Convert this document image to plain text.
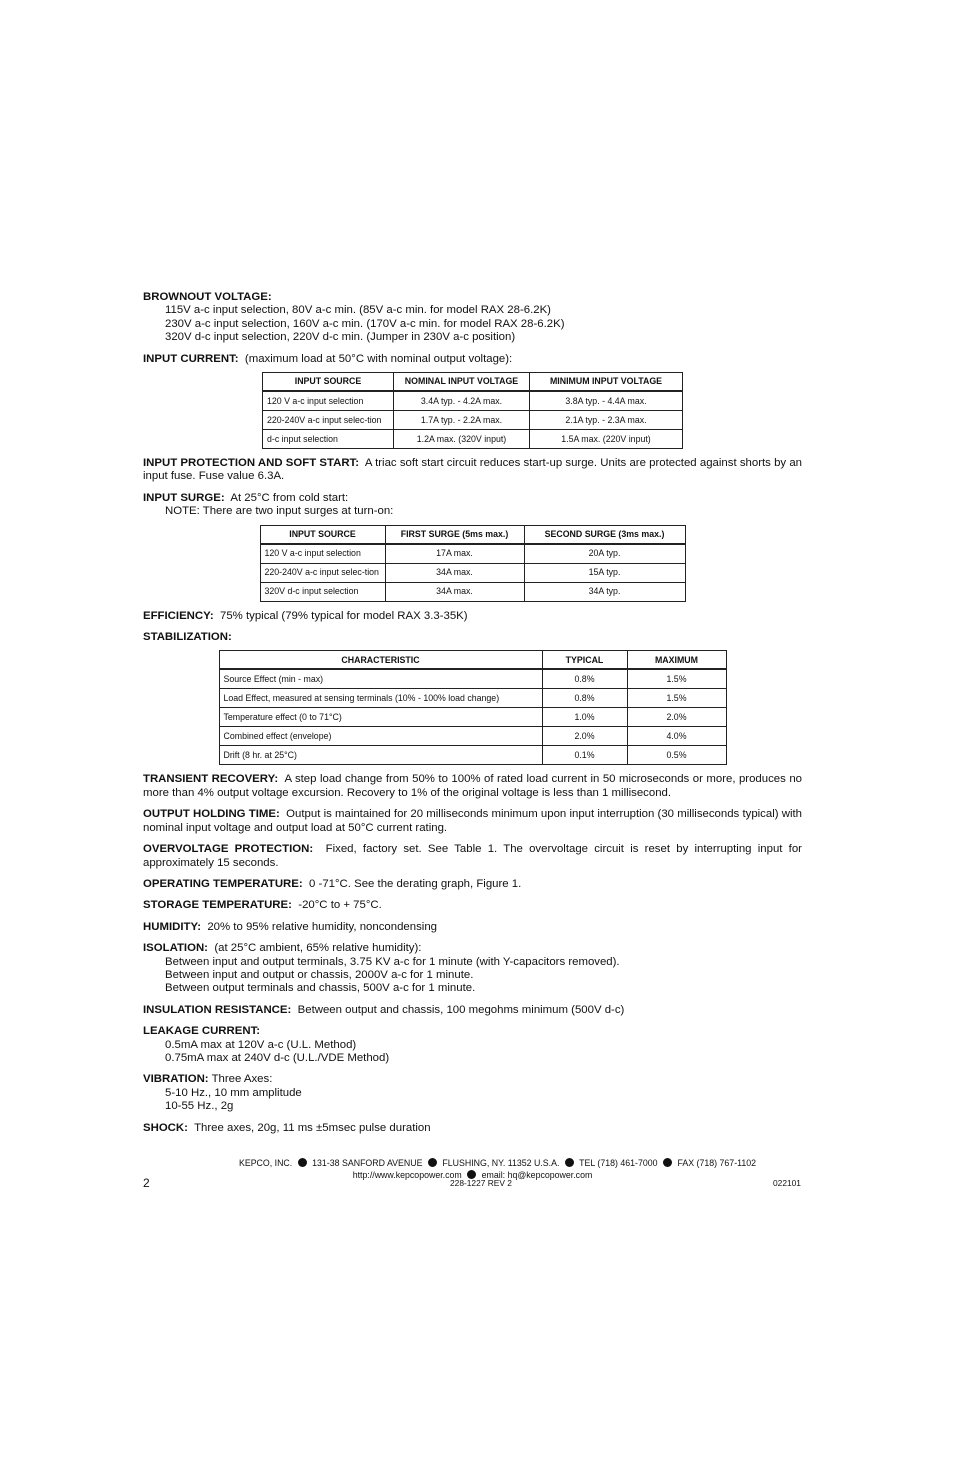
BROWNOUT VOLTAGE:
115V a-c input selection, 80V a-c min. (85V a-c min. for model RAX 28-6.2K)
230V a-c input selection, 160V a-c min. (170V a-c min. for model RAX 28-6.2K)
320V d-c input selection, 220V d-c min. (Jumper in 230V a-c position)
INPUT CURRENT: (maximum load at 50°C with nominal output voltage):
INPUT SOURCE	NOMINAL INPUT VOLTAGE	MINIMUM INPUT VOLTAGE
120 V a-c input selection	3.4A typ. - 4.2A max.	3.8A typ. - 4.4A max.
220-240V a-c input selec-tion	1.7A typ. - 2.2A max.	2.1A typ. - 2.3A max.
d-c input selection	1.2A max. (320V input)	1.5A max. (220V input)
INPUT PROTECTION AND SOFT START: A triac soft start circuit reduces start-up surge. Units are protected against shorts by an input fuse. Fuse value 6.3A.
INPUT SURGE: At 25°C from cold start:
NOTE: There are two input surges at turn-on:
INPUT SOURCE	FIRST SURGE (5ms max.)	SECOND SURGE (3ms max.)
120 V a-c input selection	17A max.	20A typ.
220-240V a-c input selec-tion	34A max.	15A typ.
320V d-c input selection	34A max.	34A typ.
EFFICIENCY: 75% typical (79% typical for model RAX 3.3-35K)
STABILIZATION:
CHARACTERISTIC	TYPICAL	MAXIMUM
Source Effect (min - max)	0.8%	1.5%
Load Effect, measured at sensing terminals (10% - 100% load change)	0.8%	1.5%
Temperature effect (0 to 71°C)	1.0%	2.0%
Combined effect (envelope)	2.0%	4.0%
Drift (8 hr. at 25°C)	0.1%	0.5%
TRANSIENT RECOVERY: A step load change from 50% to 100% of rated load current in 50 microseconds or more, produces no more than 4% output voltage excursion. Recovery to 1% of the original voltage is less than 1 millisecond.
OUTPUT HOLDING TIME: Output is maintained for 20 milliseconds minimum upon input interruption (30 milliseconds typical) with nominal input voltage and output load at 50°C current rating.
OVERVOLTAGE PROTECTION: Fixed, factory set. See Table 1. The overvoltage circuit is reset by interrupting input for approximately 15 seconds.
OPERATING TEMPERATURE: 0 -71°C. See the derating graph, Figure 1.
STORAGE TEMPERATURE: -20°C to + 75°C.
HUMIDITY: 20% to 95% relative humidity, noncondensing
ISOLATION: (at 25°C ambient, 65% relative humidity):
Between input and output terminals, 3.75 KV a-c for 1 minute (with Y-capacitors removed).
Between input and output or chassis, 2000V a-c for 1 minute.
Between output terminals and chassis, 500V a-c for 1 minute.
INSULATION RESISTANCE: Between output and chassis, 100 megohms minimum (500V d-c)
LEAKAGE CURRENT:
0.5mA max at 120V a-c (U.L. Method)
0.75mA max at 240V d-c (U.L./VDE Method)
VIBRATION: Three Axes:
5-10 Hz., 10 mm amplitude
10-55 Hz., 2g
SHOCK: Three axes, 20g, 11 ms ±5msec pulse duration
KEPCO, INC. 131-38 SANFORD AVENUE FLUSHING, NY. 11352 U.S.A. TEL (718) 461-7000 FAX (718) 767-1102
http://www.kepcopower.com email: hq@kepcopower.com
2	228-1227 REV 2	022101
